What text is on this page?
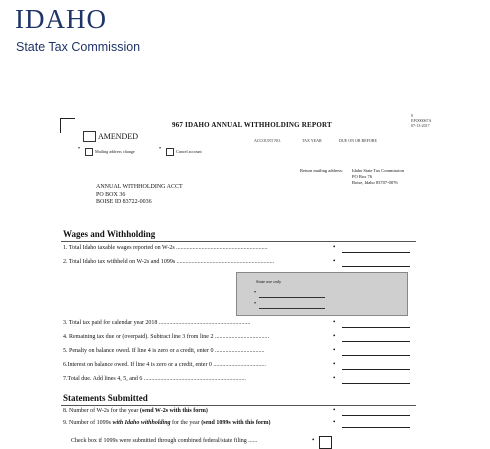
IDAHO
State Tax Commission
0
EFO00067A
07-13-2017
967 IDAHO ANNUAL WITHHOLDING REPORT
ACCOUNT NO.	TAX YEAR	DUE ON OR BEFORE
AMENDED
•	Mailing address change	•	Cancel account
Return mailing address: Idaho State Tax Commission
PO Box 76
Boise, Idaho 83707-0076
ANNUAL WITHHOLDING ACCT
PO BOX 36
BOISE ID 83722-0036
Wages and Withholding
1. Total Idaho taxable wages reported on W-2s .............................................................	•
2. Total Idaho tax withheld on W-2s and 1099s .................................................................	•
State use only
•
•
3. Total tax paid for calendar year 2018 .............................................................	•
4. Remaining tax due or (overpaid). Subtract line 3 from line 2 ....................................	•
5. Penalty on balance owed. If line 4 is zero or a credit, enter 0 .................................	•
6.Interest on balance owed. If line 4 is zero or a credit, enter 0 ...................................	•
7.Total due. Add lines 4, 5, and 6 ....................................................................	•
Statements Submitted
8. Number of W-2s for the year (send W-2s with this form)	•
9. Number of 1099s with Idaho withholding for the year (send 1099s with this form)	•
Check box if 1099s were submitted through combined federal/state filing ......	•
